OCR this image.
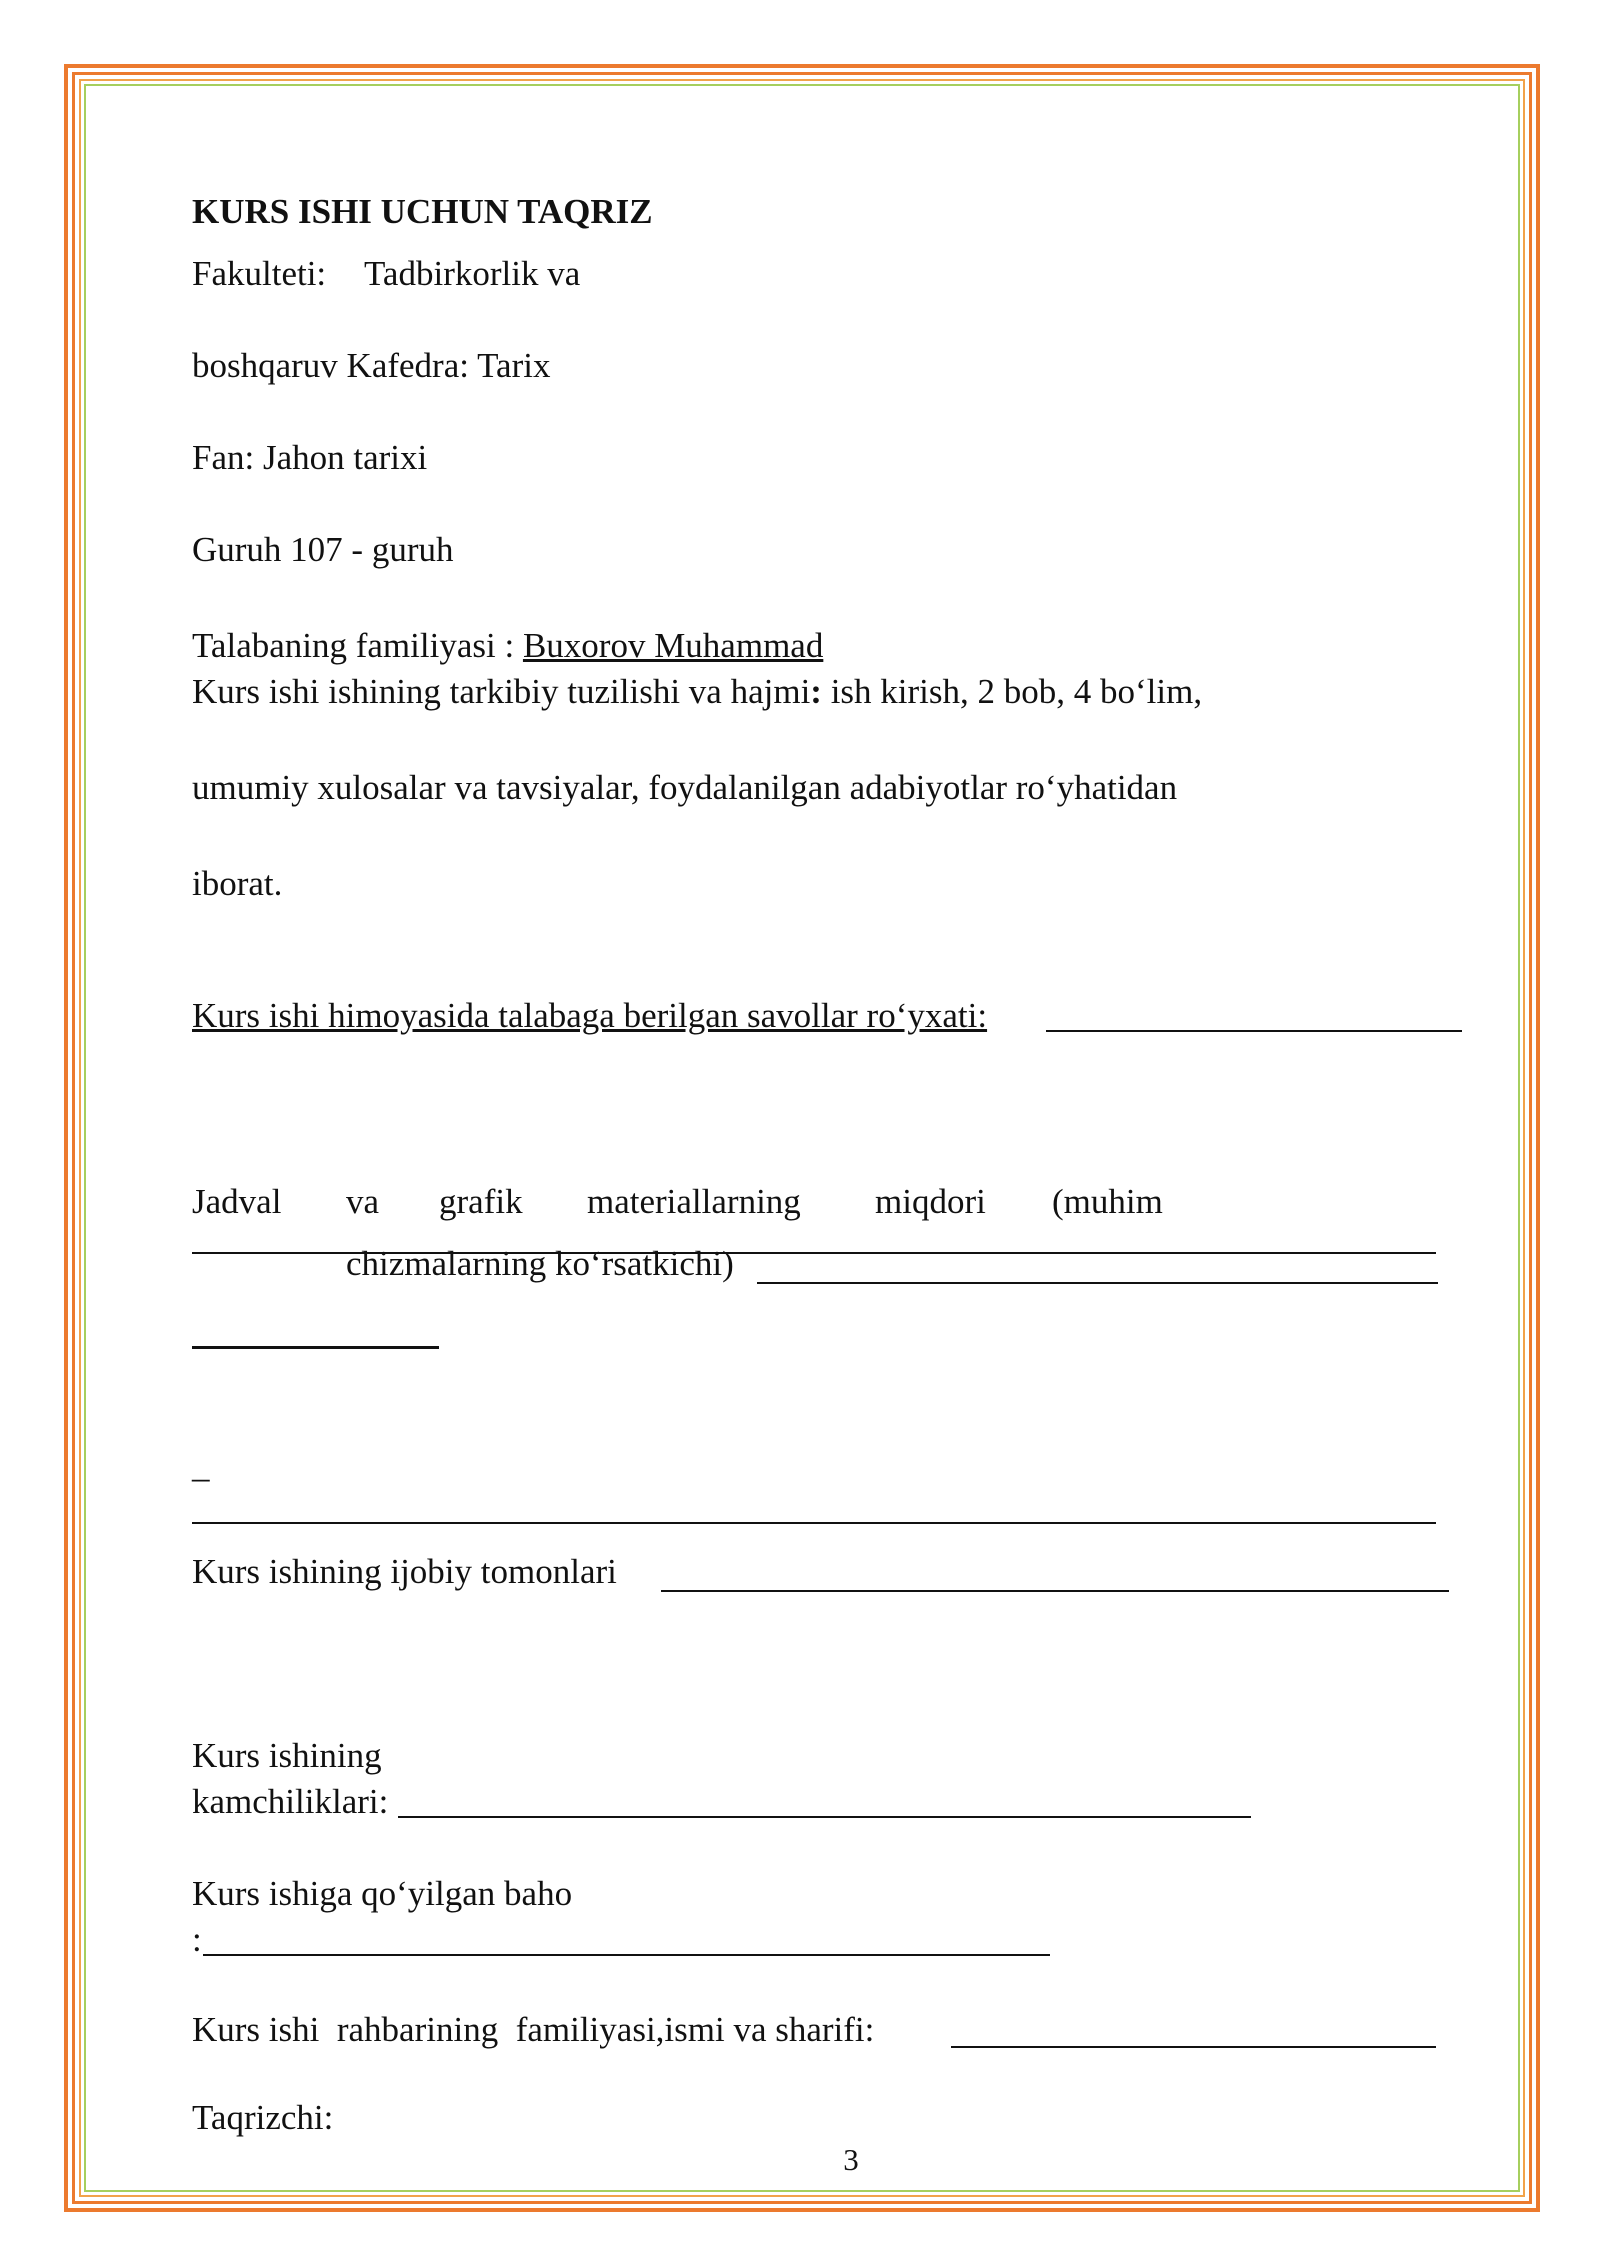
KURS ISHI UCHUN TAQRIZ
Fakulteti: Tadbirkorlik va
boshqaruv Kafedra: Tarix
Fan: Jahon tarixi
Guruh 107 - guruh
Talabaning familiyasi : Buxorov Muhammad
Kurs ishi ishining tarkibiy tuzilishi va hajmi: ish kirish, 2 bob, 4 bo‘lim,
umumiy xulosalar va tavsiyalar, foydalanilgan adabiyotlar ro‘yhatidan
iborat.
Kurs ishi himoyasida talabaga berilgan savollar ro‘yxati:
Jadval va grafik materiallarning miqdori (muhim
chizmalarning ko‘rsatkichi)
_
Kurs ishining ijobiy tomonlari
Kurs ishining
kamchiliklari:
Kurs ishiga qo‘yilgan baho
:
Kurs ishi  rahbarining  familiyasi,ismi va sharifi:
Taqrizchi:
3
